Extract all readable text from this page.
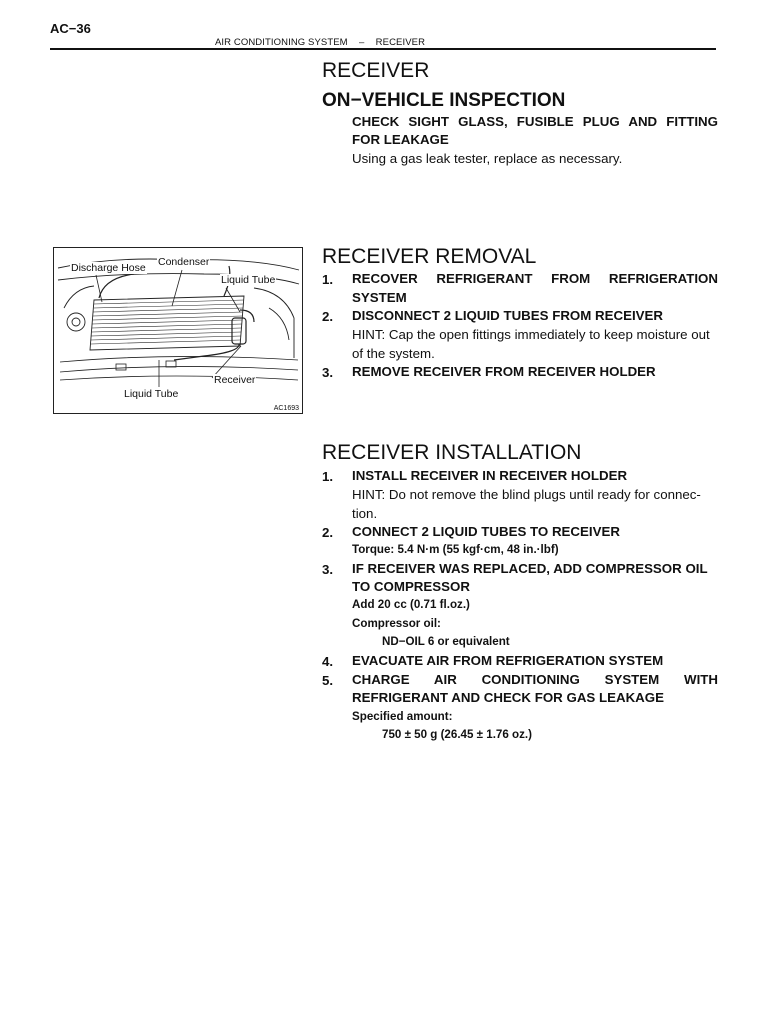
AC−36
AIR CONDITIONING SYSTEM – RECEIVER
RECEIVER
ON−VEHICLE INSPECTION
CHECK SIGHT GLASS, FUSIBLE PLUG AND FITTING
FOR LEAKAGE
Using a gas leak tester, replace as necessary.
Discharge Hose Condenser
Liquid Tube
Receiver
Liquid Tube
AC1693
RECEIVER REMOVAL
1. RECOVER REFRIGERANT FROM REFRIGERATION
SYSTEM
2. DISCONNECT 2 LIQUID TUBES FROM RECEIVER
HINT: Cap the open fittings immediately to keep moisture out
of the system.
3. REMOVE RECEIVER FROM RECEIVER HOLDER
RECEIVER INSTALLATION
1. INSTALL RECEIVER IN RECEIVER HOLDER
HINT: Do not remove the blind plugs until ready for connec-
tion.
2. CONNECT 2 LIQUID TUBES TO RECEIVER
Torque: 5.4 N·m (55 kgf·cm, 48 in.·lbf)
3. IF RECEIVER WAS REPLACED, ADD COMPRESSOR OIL
TO COMPRESSOR
Add 20 cc (0.71 fl.oz.)
Compressor oil:
ND−OIL 6 or equivalent
4. EVACUATE AIR FROM REFRIGERATION SYSTEM
5. CHARGE AIR CONDITIONING SYSTEM WITH
REFRIGERANT AND CHECK FOR GAS LEAKAGE
Specified amount:
750 ± 50 g (26.45 ± 1.76 oz.)
